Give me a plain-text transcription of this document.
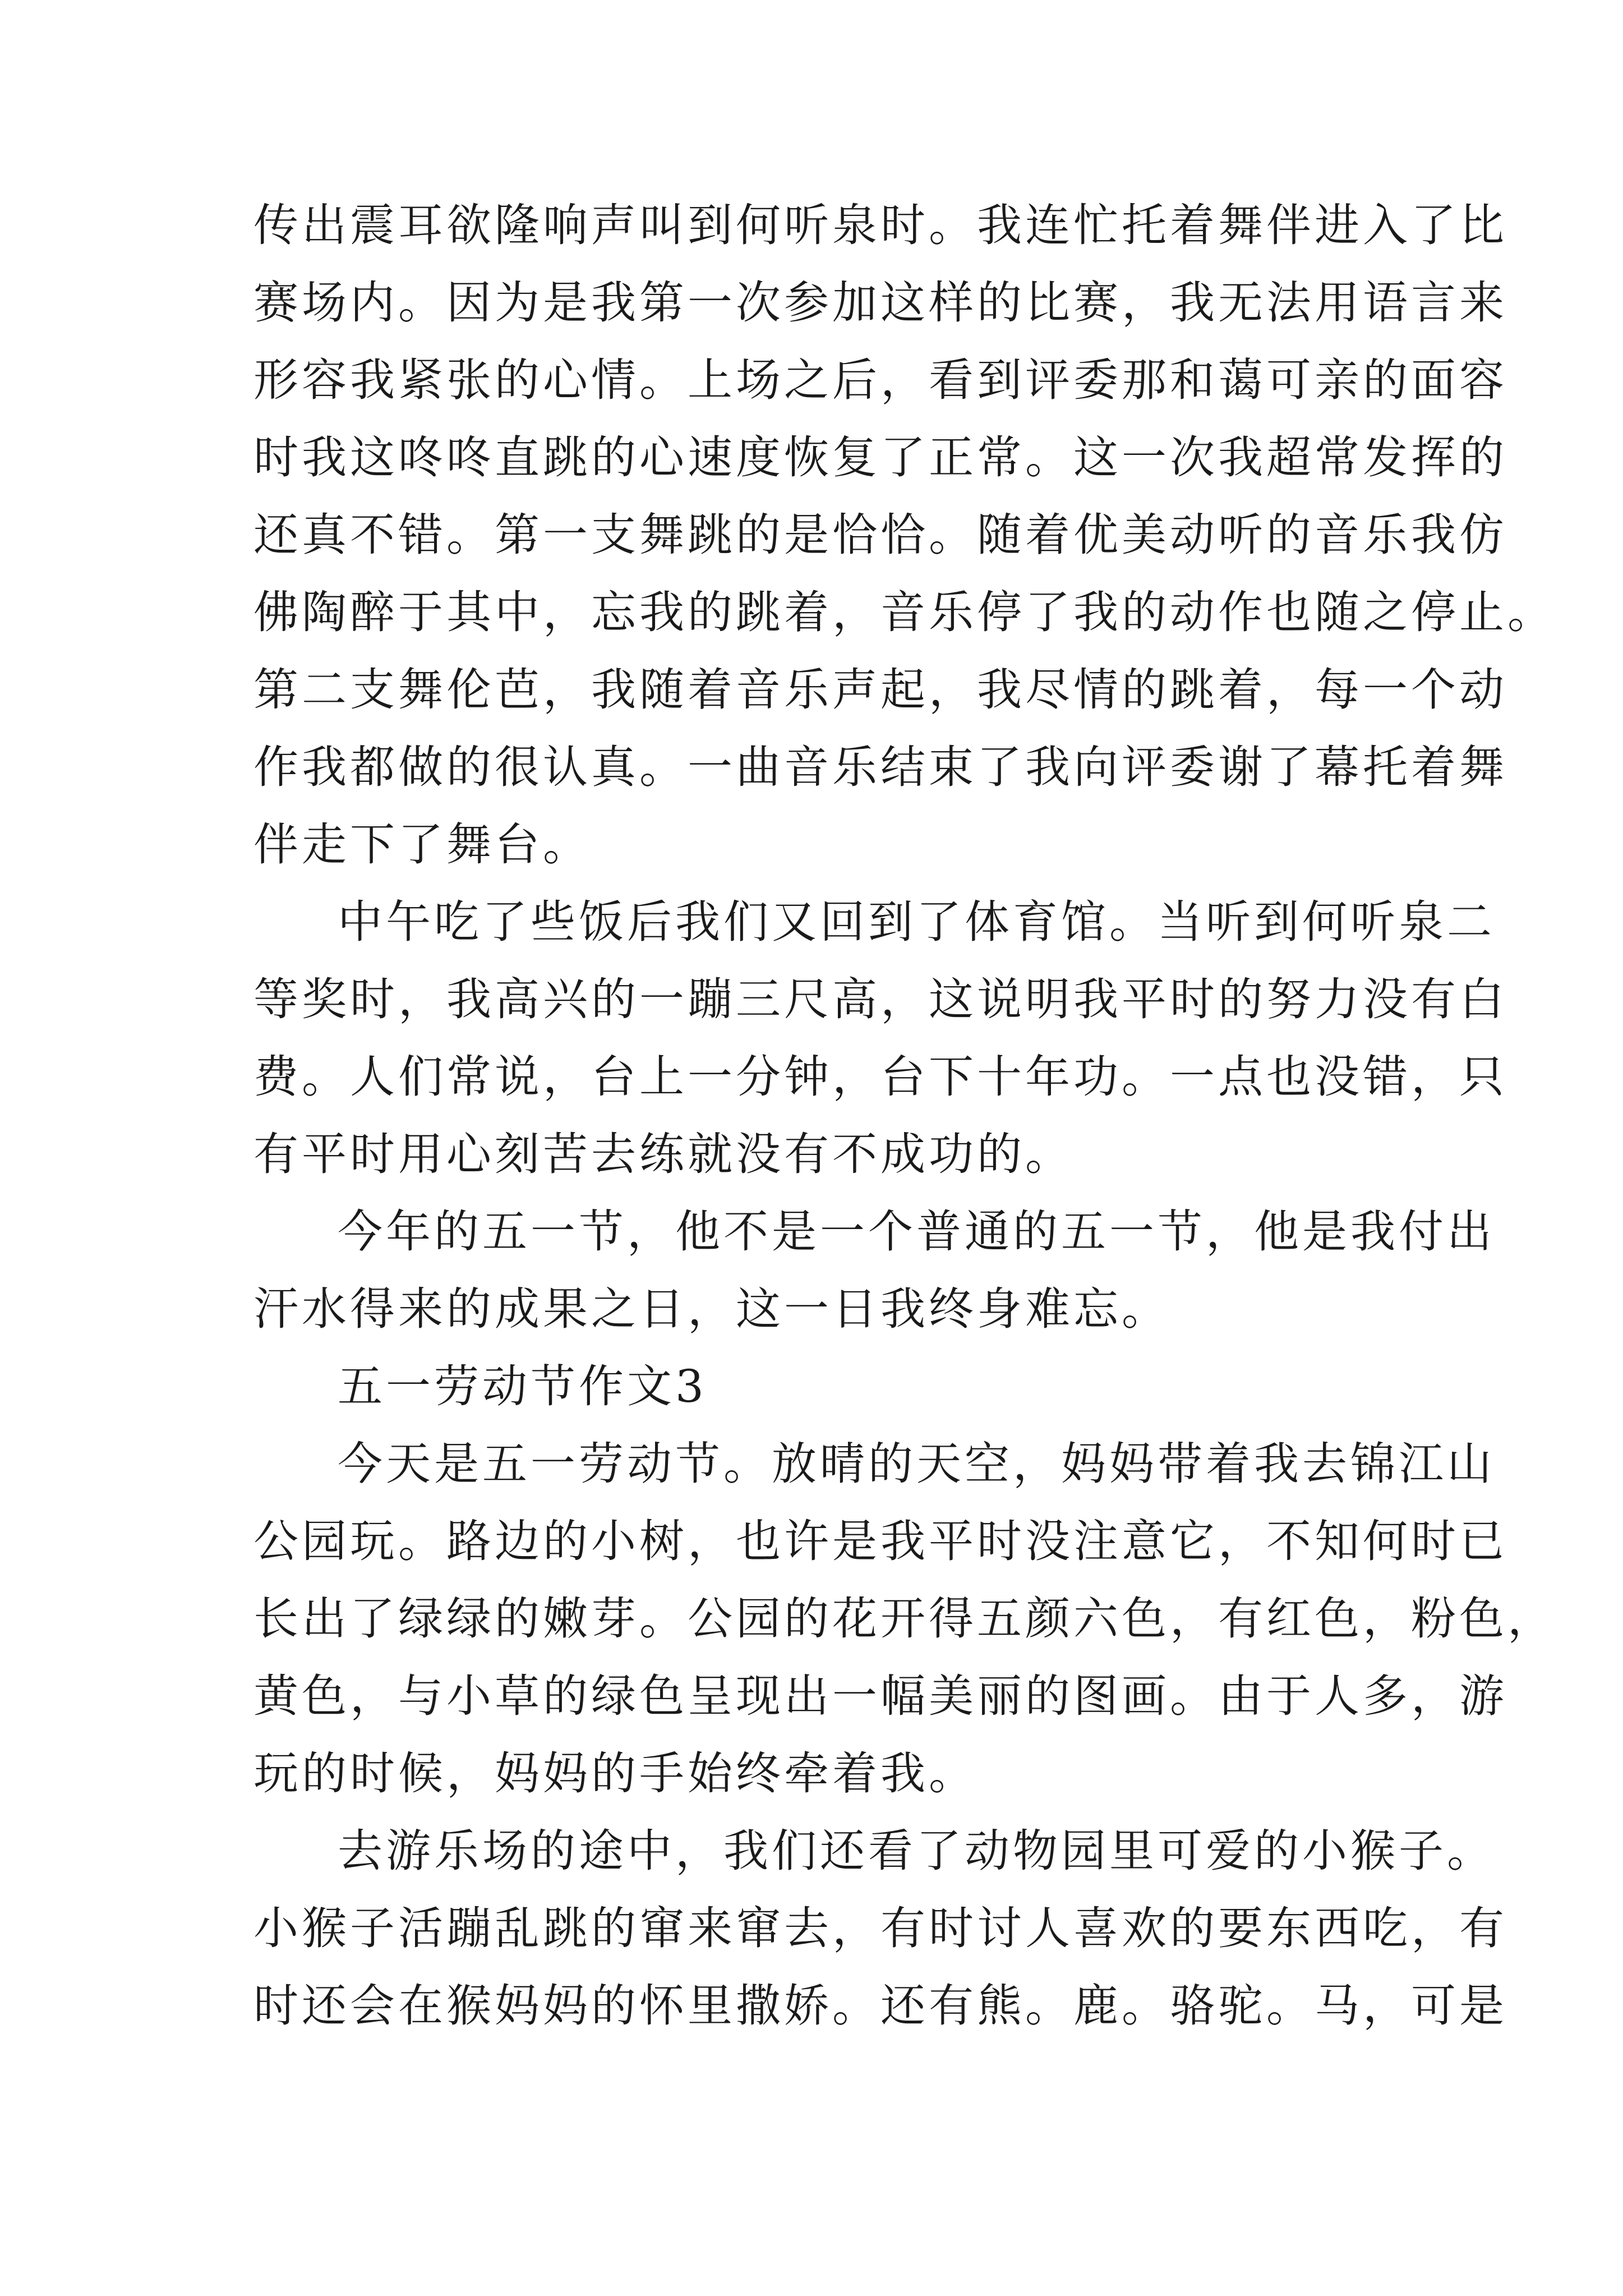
传出震耳欲隆响声叫到何听泉时。我连忙托着舞伴进入了比
赛场内。因为是我第一次参加这样的比赛，我无法用语言来
形容我紧张的心情。上场之后，看到评委那和蔼可亲的面容
时我这咚咚直跳的心速度恢复了正常。这一次我超常发挥的
还真不错。第一支舞跳的是恰恰。随着优美动听的音乐我仿
佛陶醉于其中，忘我的跳着，音乐停了我的动作也随之停止。
第二支舞伦芭，我随着音乐声起，我尽情的跳着，每一个动
作我都做的很认真。一曲音乐结束了我向评委谢了幕托着舞
伴走下了舞台。
中午吃了些饭后我们又回到了体育馆。当听到何听泉二
等奖时，我高兴的一蹦三尺高，这说明我平时的努力没有白
费。人们常说，台上一分钟，台下十年功。一点也没错，只
有平时用心刻苦去练就没有不成功的。
今年的五一节，他不是一个普通的五一节，他是我付出
汗水得来的成果之日，这一日我终身难忘。
五一劳动节作文3
今天是五一劳动节。放晴的天空，妈妈带着我去锦江山
公园玩。路边的小树，也许是我平时没注意它，不知何时已
长出了绿绿的嫩芽。公园的花开得五颜六色，有红色，粉色，
黄色，与小草的绿色呈现出一幅美丽的图画。由于人多，游
玩的时候，妈妈的手始终牵着我。
去游乐场的途中，我们还看了动物园里可爱的小猴子。
小猴子活蹦乱跳的窜来窜去，有时讨人喜欢的要东西吃，有
时还会在猴妈妈的怀里撒娇。还有熊。鹿。骆驼。马，可是
